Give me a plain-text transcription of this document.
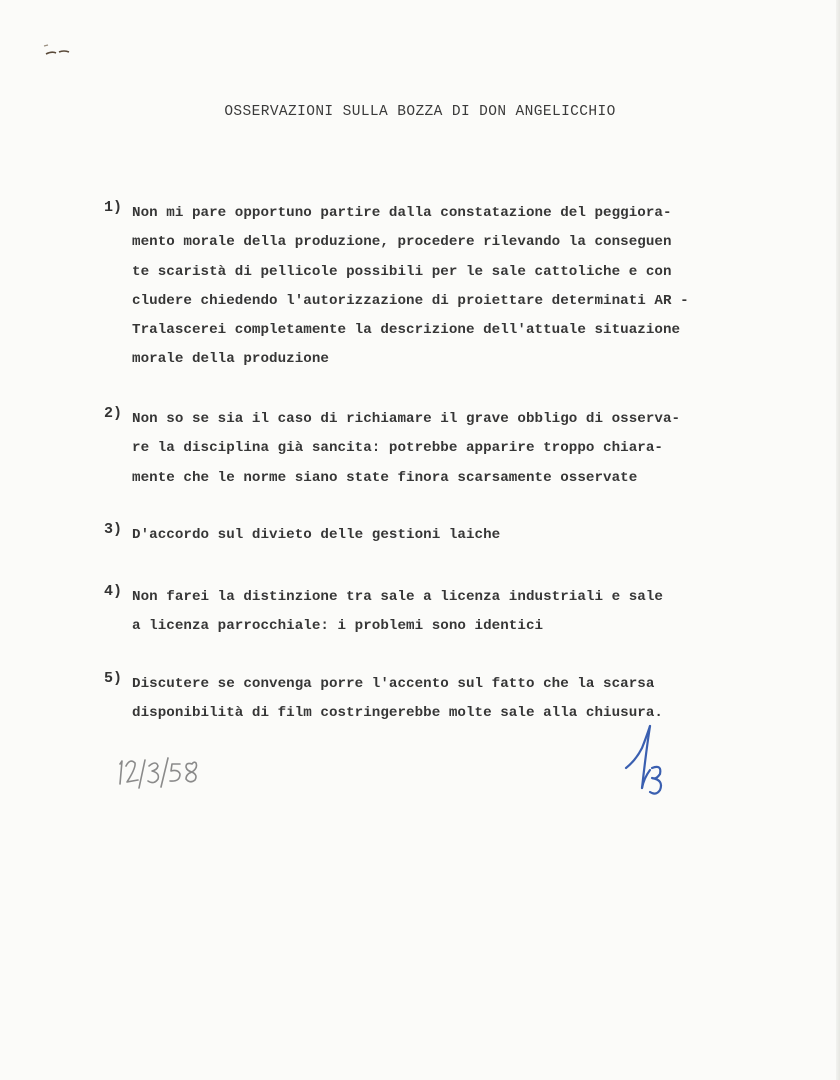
OSSERVAZIONI SULLA BOZZA DI DON ANGELICCHIO
1) Non mi pare opportuno partire dalla constatazione del peggiora-
mento morale della produzione, procedere rilevando la conseguen
te scaristà di pellicole possibili per le sale cattoliche e con
cludere chiedendo l'autorizzazione di proiettare determinati AR -
Tralascerei completamente la descrizione dell'attuale situazione
morale della produzione
2) Non so se sia il caso di richiamare il grave obbligo di osserva-
re la disciplina già sancita: potrebbe apparire troppo chiara-
mente che le norme siano state finora scarsamente osservate
3) D'accordo sul divieto delle gestioni laiche
4) Non farei la distinzione tra sale a licenza industriali e sale
a licenza parrocchiale: i problemi sono identici
5) Discutere se convenga porre l'accento sul fatto che la scarsa
disponibilità di film costringerebbe molte sale alla chiusura.
